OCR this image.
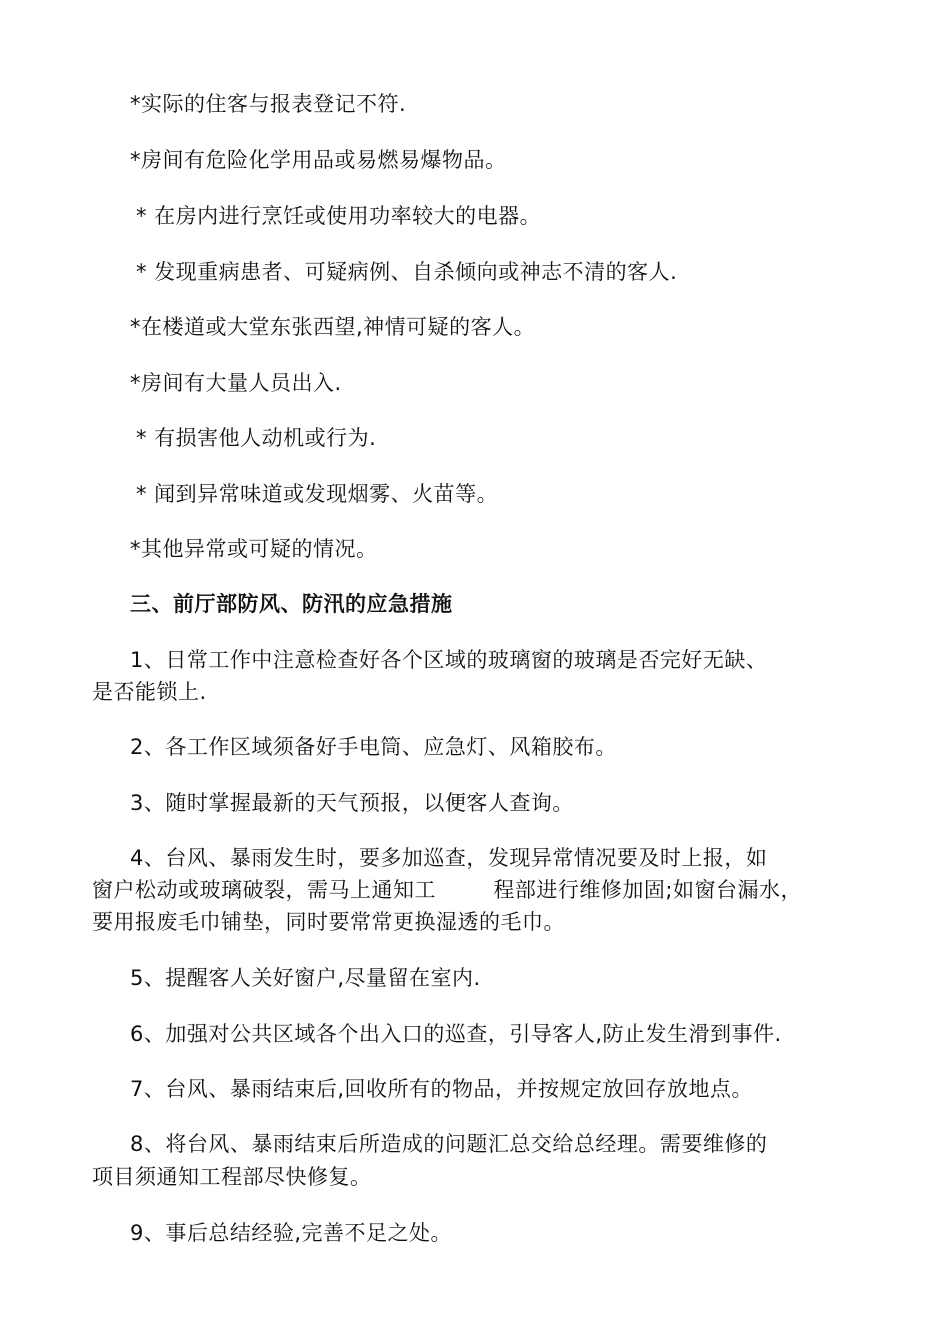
*实际的住客与报表登记不符.
*房间有危险化学用品或易燃易爆物品。
* 在房内进行烹饪或使用功率较大的电器。
* 发现重病患者、可疑病例、自杀倾向或神志不清的客人.
*在楼道或大堂东张西望,神情可疑的客人。
*房间有大量人员出入.
* 有损害他人动机或行为.
* 闻到异常味道或发现烟雾、火苗等。
*其他异常或可疑的情况。
三、前厅部防风、防汛的应急措施
1、日常工作中注意检查好各个区域的玻璃窗的玻璃是否完好无缺、
是否能锁上.
2、各工作区域须备好手电筒、应急灯、风箱胶布。
3、随时掌握最新的天气预报，以便客人查询。
4、台风、暴雨发生时，要多加巡查，发现异常情况要及时上报，如
窗户松动或玻璃破裂，需马上通知工        程部进行维修加固;如窗台漏水，
要用报废毛巾铺垫，同时要常常更换湿透的毛巾。
5、提醒客人关好窗户,尽量留在室内.
6、加强对公共区域各个出入口的巡查，引导客人,防止发生滑到事件.
7、台风、暴雨结束后,回收所有的物品，并按规定放回存放地点。
8、将台风、暴雨结束后所造成的问题汇总交给总经理。需要维修的
项目须通知工程部尽快修复。
9、事后总结经验,完善不足之处。
